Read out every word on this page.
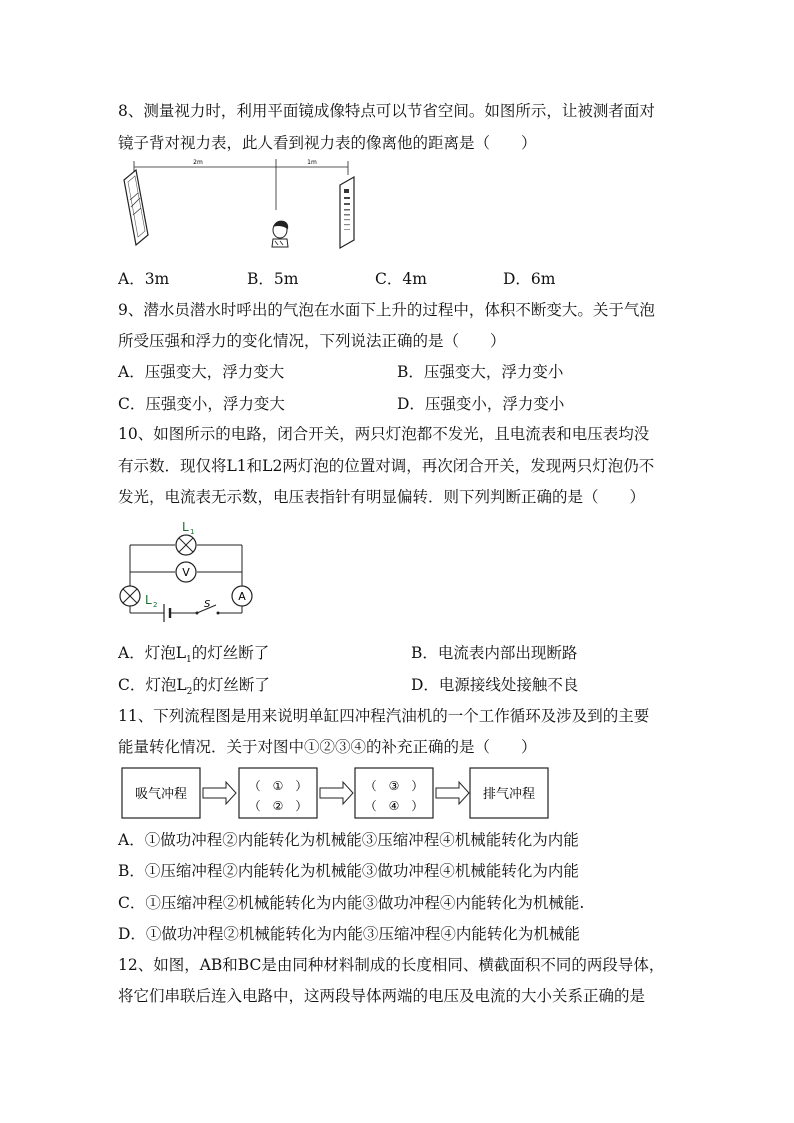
8、测量视力时，利用平面镜成像特点可以节省空间。如图所示，让被测者面对
镜子背对视力表，此人看到视力表的像离他的距离是（　　）
2m	1m
A．3m	B．5m	C．4m	D．6m
9、潜水员潜水时呼出的气泡在水面下上升的过程中，体积不断变大。关于气泡
所受压强和浮力的变化情况，下列说法正确的是（　　）
A．压强变大，浮力变大	B．压强变大，浮力变小
C．压强变小，浮力变大	D．压强变小，浮力变小
10、如图所示的电路，闭合开关，两只灯泡都不发光，且电流表和电压表均没
有示数．现仅将L1和L2两灯泡的位置对调，再次闭合开关，发现两只灯泡仍不
发光，电流表无示数，电压表指针有明显偏转．则下列判断正确的是（　　）
L 1
V
L 2
A
S
A．灯泡$L_1$的灯丝断了	B．电流表内部出现断路
C．灯泡$L_2$的灯丝断了	D．电源接线处接触不良
11、下列流程图是用来说明单缸四冲程汽油机的一个工作循环及涉及到的主要
能量转化情况．关于对图中①②③④的补充正确的是（　　）
吸气冲程
（　①　）
（　②　）
（　③　）
（　④　）
排气冲程
A．①做功冲程②内能转化为机械能③压缩冲程④机械能转化为内能
B．①压缩冲程②内能转化为机械能③做功冲程④机械能转化为内能
C．①压缩冲程②机械能转化为内能③做功冲程④内能转化为机械能.
D．①做功冲程②机械能转化为内能③压缩冲程④内能转化为机械能
12、如图，AB和BC是由同种材料制成的长度相同、横截面积不同的两段导体，
将它们串联后连入电路中，这两段导体两端的电压及电流的大小关系正确的是
